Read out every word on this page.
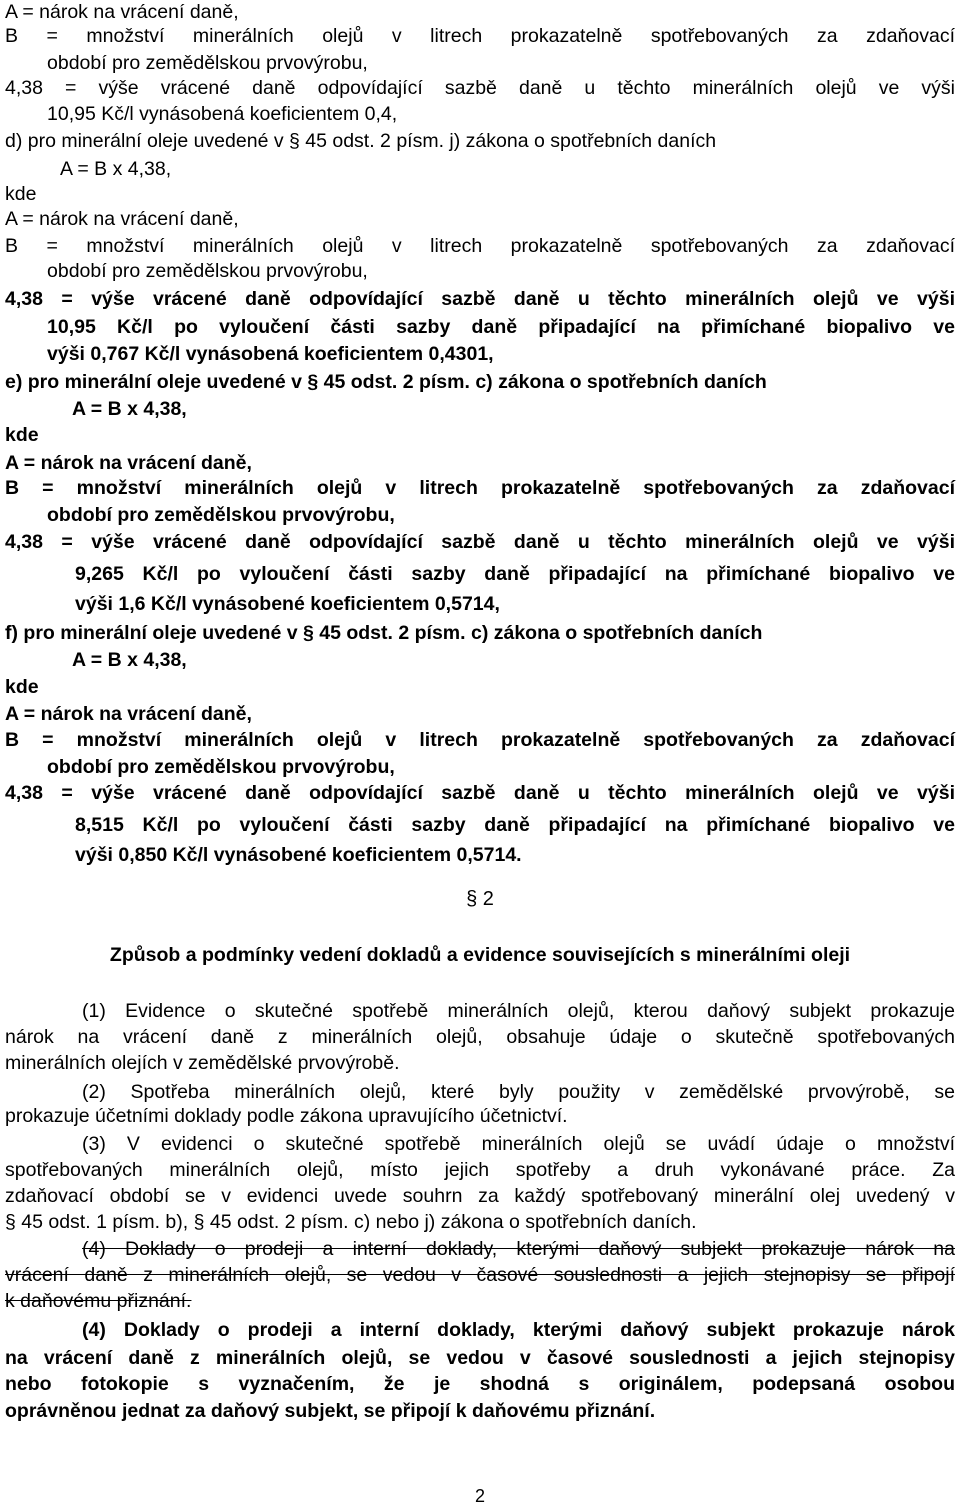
A = nárok na vrácení daně,
B = množství minerálních olejů v litrech prokazatelně spotřebovaných za zdaňovací
období pro zemědělskou prvovýrobu,
4,38 = výše vrácené daně odpovídající sazbě daně u těchto minerálních olejů ve výši
10,95 Kč/l vynásobená koeficientem 0,4,
d) pro minerální oleje uvedené v § 45 odst. 2 písm. j) zákona o spotřebních daních
A = B x 4,38,
kde
A = nárok na vrácení daně,
B = množství minerálních olejů v litrech prokazatelně spotřebovaných za zdaňovací
období pro zemědělskou prvovýrobu,
4,38 = výše vrácené daně odpovídající sazbě daně u těchto minerálních olejů ve výši
10,95 Kč/l po vyloučení části sazby daně připadající na přimíchané biopalivo ve
výši 0,767 Kč/l vynásobená koeficientem 0,4301,
e) pro minerální oleje uvedené v § 45 odst. 2 písm. c) zákona o spotřebních daních
A = B x 4,38,
kde
A = nárok na vrácení daně,
B = množství minerálních olejů v litrech prokazatelně spotřebovaných za zdaňovací
období pro zemědělskou prvovýrobu,
4,38 = výše vrácené daně odpovídající sazbě daně u těchto minerálních olejů ve výši
9,265 Kč/l po vyloučení části sazby daně připadající na přimíchané biopalivo ve
výši 1,6 Kč/l vynásobené koeficientem 0,5714,
f) pro minerální oleje uvedené v § 45 odst. 2 písm. c) zákona o spotřebních daních
A = B x 4,38,
kde
A = nárok na vrácení daně,
B = množství minerálních olejů v litrech prokazatelně spotřebovaných za zdaňovací
období pro zemědělskou prvovýrobu,
4,38 = výše vrácené daně odpovídající sazbě daně u těchto minerálních olejů ve výši
8,515 Kč/l po vyloučení části sazby daně připadající na přimíchané biopalivo ve
výši 0,850 Kč/l vynásobené koeficientem 0,5714.
§ 2
Způsob a podmínky vedení dokladů a evidence souvisejících s minerálními oleji
(1) Evidence o skutečné spotřebě minerálních olejů, kterou daňový subjekt prokazuje
nárok na vrácení daně z minerálních olejů, obsahuje údaje o skutečně spotřebovaných
minerálních olejích v zemědělské prvovýrobě.
(2) Spotřeba minerálních olejů, které byly použity v zemědělské prvovýrobě, se
prokazuje účetními doklady podle zákona upravujícího účetnictví.
(3) V evidenci o skutečné spotřebě minerálních olejů se uvádí údaje o množství
spotřebovaných minerálních olejů, místo jejich spotřeby a druh vykonávané práce. Za
zdaňovací období se v evidenci uvede souhrn za každý spotřebovaný minerální olej uvedený v
§ 45 odst. 1 písm. b), § 45 odst. 2 písm. c) nebo j) zákona o spotřebních daních.
(4) Doklady o prodeji a interní doklady, kterými daňový subjekt prokazuje nárok na
vrácení daně z minerálních olejů, se vedou v časové souslednosti a jejich stejnopisy se připojí
k daňovému přiznání.
(4) Doklady o prodeji a interní doklady, kterými daňový subjekt prokazuje nárok
na vrácení daně z minerálních olejů, se vedou v časové souslednosti a jejich stejnopisy
nebo fotokopie s vyznačením, že je shodná s originálem, podepsaná osobou
oprávněnou jednat za daňový subjekt, se připojí k daňovému přiznání.
2
